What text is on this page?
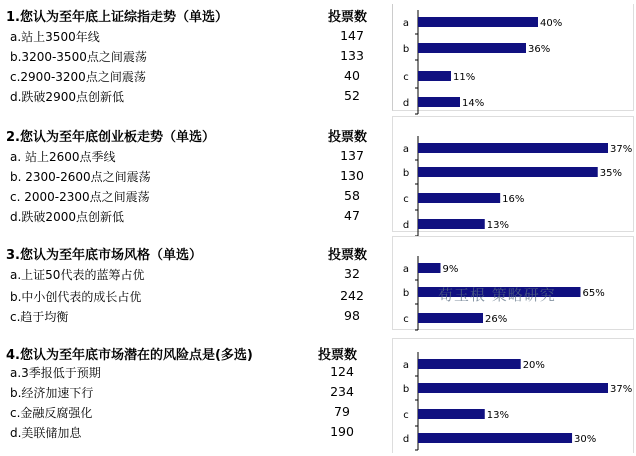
1.您认为至年底上证综指走势（单选）	投票数
a.站上3500年线	147
b.3200-3500点之间震荡	133
c.2900-3200点之间震荡	40
d.跌破2900点创新低	52
a	40%
b	36%
c	11%
d	14%
2.您认为至年底创业板走势（单选）	投票数
a. 站上2600点季线	137
b. 2300-2600点之间震荡	130
c. 2000-2300点之间震荡	58
d.跌破2000点创新低	47
a	37%
b	35%
c	16%
d	13%
3.您认为至年底市场风格（单选）	投票数
a.上证50代表的蓝筹占优	32
b.中小创代表的成长占优	242
c.趋于均衡	98
a	9%
b	65%
c	26%
4.您认为至年底市场潜在的风险点是(多选)	投票数
a.3季报低于预期	124
b.经济加速下行	234
c.金融反腐强化	79
d.美联储加息	190
a	20%
b	37%
c	13%
d	30%
荀玉根 策略研究
